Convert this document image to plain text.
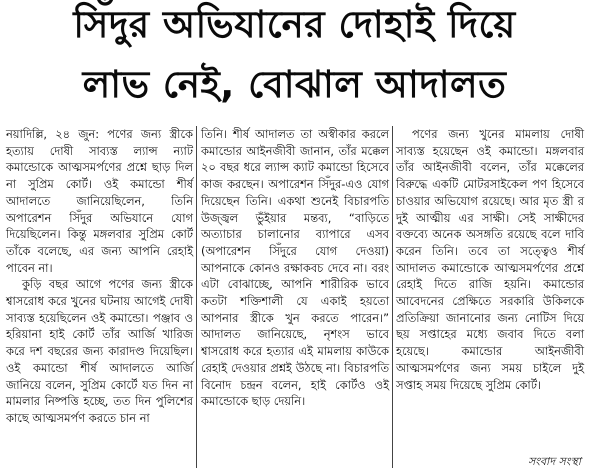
সিঁদুর অভিযানের দোহাই দিয়ে
লাভ নেই, বোঝাল আদালত

নয়াদিল্লি, ২৪ জুন: পণের জন্য স্ত্রীকে হত্যায় দোষী সাব্যস্ত ল্যান্স ন্যাট কমান্ডোকে আত্মসমর্পণের প্রশ্নে ছাড় দিল না সুপ্রিম কোর্ট। ওই কমান্ডো শীর্ষ আদালতে জানিয়েছিলেন, তিনি অপারেশন সিঁদুর অভিযানে যোগ দিয়েছিলেন। কিন্তু মঙ্গলবার সুপ্রিম কোর্ট তাঁকে বলেছে, এর জন্য আপনি রেহাই পাবেন না।

কুড়ি বছর আগে পণের জন্য স্ত্রীকে শ্বাসরোধ করে খুনের ঘটনায় আগেই দোষী সাব্যস্ত হয়েছিলেন ওই কমান্ডো। পঞ্জাব ও হরিয়ানা হাই কোর্ট তাঁর আর্জি খারিজ করে দশ বছরের জন্য কারাদণ্ড দিয়েছিল। ওই কমান্ডো শীর্ষ আদালতে আর্জি জানিয়ে বলেন, সুপ্রিম কোর্টে যত দিন না মামলার নিষ্পত্তি হচ্ছে, তত দিন পুলিশের কাছে আত্মসমর্পণ করতে চান না

তিনি। শীর্ষ আদালত তা অস্বীকার করলে কমান্ডোর আইনজীবী জানান, তাঁর মক্কেল ২০ বছর ধরে ল্যান্স ক্যাট কমান্ডো হিসেবে কাজ করছেন। অপারেশন সিঁদুর-এও যোগ দিয়েছেন তিনি। একথা শুনেই বিচারপতি উজ্জ্বল ভুঁইয়ার মন্তব্য, “বাড়িতে অত্যাচার চালানোর ব্যাপারে এসব (অপারেশন সিঁদুরে যোগ দেওয়া) আপনাকে কোনও রক্ষাকবচ দেবে না। বরং এটা বোঝাচ্ছে, আপনি শারীরিক ভাবে কতটা শক্তিশালী যে একাই হয়তো আপনার স্ত্রীকে খুন করতে পারেন।” আদালত জানিয়েছে, নৃশংস ভাবে শ্বাসরোধ করে হত্যার এই মামলায় কাউকে রেহাই দেওয়ার প্রশ্নই উঠছে না। বিচারপতি বিনোদ চন্দ্রন বলেন, হাই কোর্টও ওই কমান্ডোকে ছাড় দেয়নি।

পণের জন্য খুনের মামলায় দোষী সাব্যস্ত হয়েছেন ওই কমান্ডো। মঙ্গলবার তাঁর আইনজীবী বলেন, তাঁর মক্কেলের বিরুদ্ধে একটি মোটরসাইকেল পণ হিসেবে চাওয়ার অভিযোগ রয়েছে। আর মৃত স্ত্রী র দুই আত্মীয় এর সাক্ষী। সেই সাক্ষীদের বক্তব্যে অনেক অসঙ্গতি রয়েছে বলে দাবি করেন তিনি। তবে তা সত্ত্বেও শীর্ষ আদালত কমান্ডোকে আত্মসমর্পণের প্রশ্নে রেহাই দিতে রাজি হয়নি। কমান্ডোর আবেদনের প্রেক্ষিতে সরকারি উকিলকে প্রতিক্রিয়া জানানোর জন্য নোটিস দিয়ে ছয় সপ্তাহের মধ্যে জবাব দিতে বলা হয়েছে। কমান্ডোর আইনজীবী আত্মসমর্পণের জন্য সময় চাইলে দুই সপ্তাহ সময় দিয়েছে সুপ্রিম কোর্ট।

সংবাদ সংস্থা
